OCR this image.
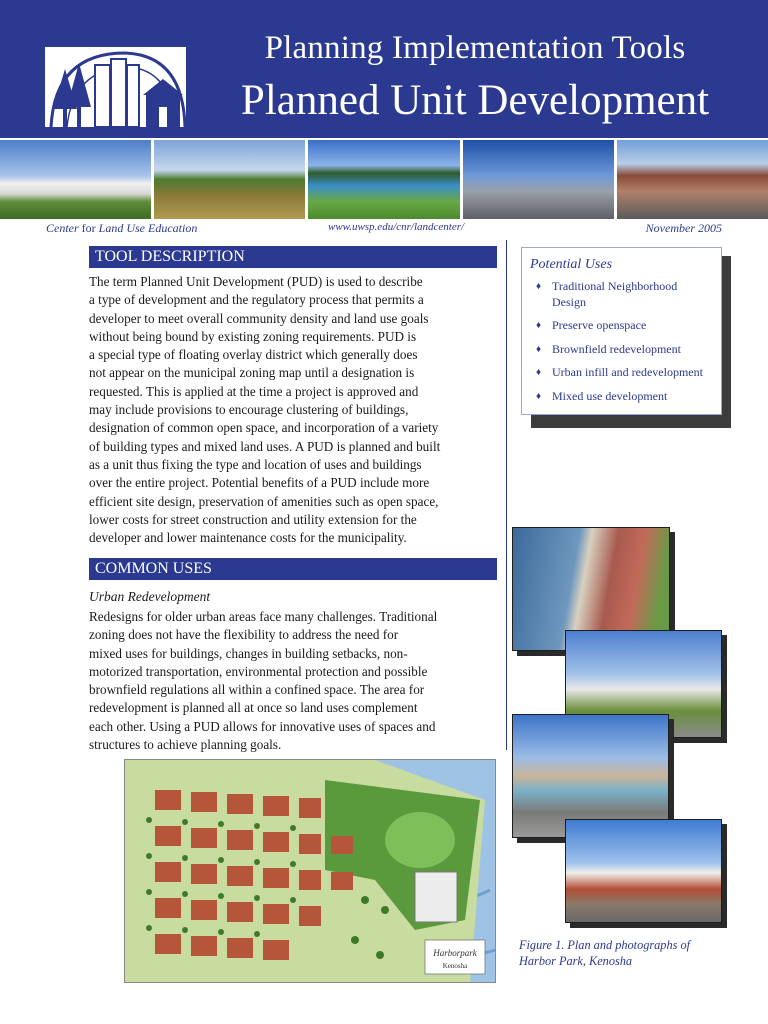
Planning Implementation Tools
Planned Unit Development
Center for Land Use Education	www.uwsp.edu/cnr/landcenter/	November 2005
TOOL DESCRIPTION
The term Planned Unit Development (PUD) is used to describe
a type of development and the regulatory process that permits a
developer to meet overall community density and land use goals
without being bound by existing zoning requirements. PUD is
a special type of floating overlay district which generally does
not appear on the municipal zoning map until a designation is
requested. This is applied at the time a project is approved and
may include provisions to encourage clustering of buildings,
designation of common open space, and incorporation of a variety
of building types and mixed land uses. A PUD is planned and built
as a unit thus fixing the type and location of uses and buildings
over the entire project. Potential benefits of a PUD include more
efficient site design, preservation of amenities such as open space,
lower costs for street construction and utility extension for the
developer and lower maintenance costs for the municipality.
COMMON USES
Urban Redevelopment
Redesigns for older urban areas face many challenges. Traditional
zoning does not have the flexibility to address the need for
mixed uses for buildings, changes in building setbacks, non-
motorized transportation, environmental protection and possible
brownfield regulations all within a confined space. The area for
redevelopment is planned all at once so land uses complement
each other. Using a PUD allows for innovative uses of spaces and
structures to achieve planning goals.
Potential Uses
♦ Traditional Neighborhood Design
♦ Preserve openspace
♦ Brownfield redevelopment
♦ Urban infill and redevelopment
♦ Mixed use development
Harborpark
Kenosha
Figure 1. Plan and photographs of
Harbor Park, Kenosha
